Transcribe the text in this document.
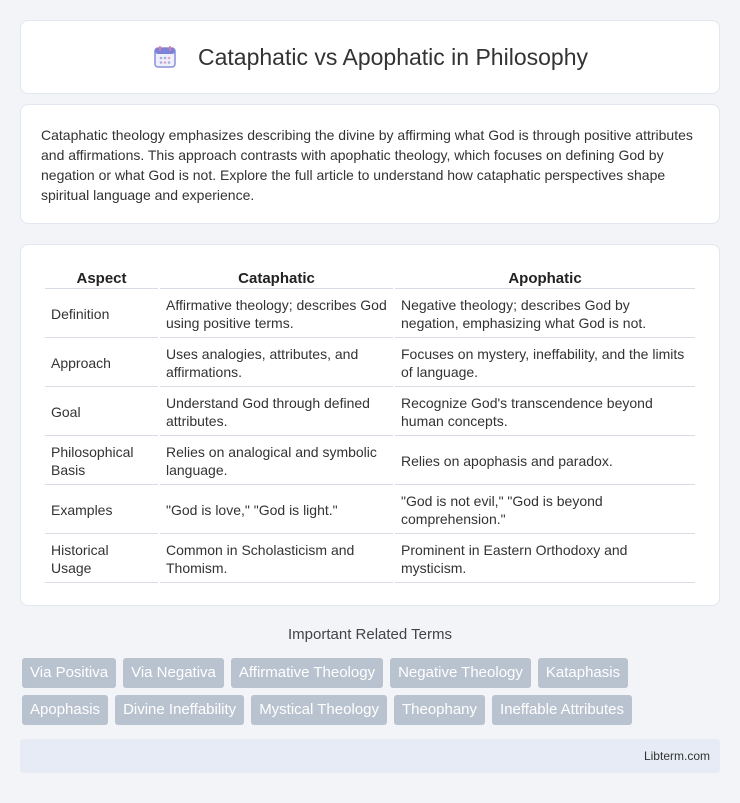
Cataphatic vs Apophatic in Philosophy

Cataphatic theology emphasizes describing the divine by affirming what God is through positive attributes and affirmations. This approach contrasts with apophatic theology, which focuses on defining God by negation or what God is not. Explore the full article to understand how cataphatic perspectives shape spiritual language and experience.

Aspect	Cataphatic	Apophatic
Definition	Affirmative theology; describes God using positive terms.	Negative theology; describes God by negation, emphasizing what God is not.
Approach	Uses analogies, attributes, and affirmations.	Focuses on mystery, ineffability, and the limits of language.
Goal	Understand God through defined attributes.	Recognize God's transcendence beyond human concepts.
Philosophical Basis	Relies on analogical and symbolic language.	Relies on apophasis and paradox.
Examples	"God is love," "God is light."	"God is not evil," "God is beyond comprehension."
Historical Usage	Common in Scholasticism and Thomism.	Prominent in Eastern Orthodoxy and mysticism.
Important Related Terms
Via Positiva	Via Negativa	Affirmative Theology	Negative Theology	Kataphasis
Apophasis	Divine Ineffability	Mystical Theology	Theophany	Ineffable Attributes
Libterm.com
